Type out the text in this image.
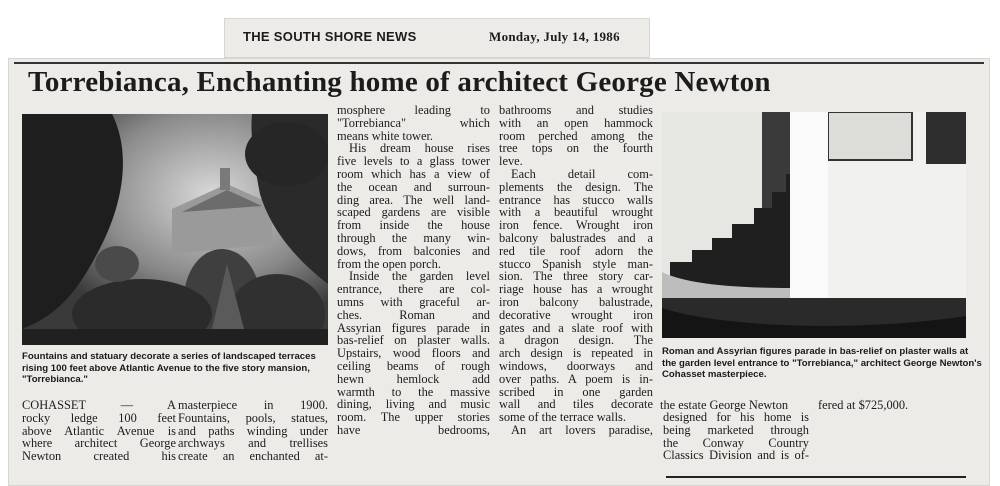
THE SOUTH SHORE NEWS	Monday, July 14, 1986
Torrebianca, Enchanting home of architect George Newton
Fountains and statuary decorate a series of landscaped terraces rising 100 feet above Atlantic Avenue to the five story mansion, "Torrebianca."
Roman and Assyrian figures parade in bas-relief on plaster walls at the garden level entrance to "Torrebianca," architect George Newton's Cohasset masterpiece.

COHASSET — A

rocky ledge 100 feet

above Atlantic Avenue is

where architect George

Newton created his

masterpiece in 1900.

Fountains, pools, statues,

and paths winding under

archways and trellises

create an enchanted at-

mosphere leading to

"Torrebianca" which

means white tower.

His dream house rises

five levels to a glass tower

room which has a view of

the ocean and surroun-

ding area. The well land-

scaped gardens are visible

from inside the house

through the many win-

dows, from balconies and

from the open porch.

Inside the garden level

entrance, there are col-

umns with graceful ar-

ches. Roman and

Assyrian figures parade in

bas-relief on plaster walls.

Upstairs, wood floors and

ceiling beams of rough

hewn hemlock add

warmth to the massive

dining, living and music

room. The upper stories

have bedrooms,

bathrooms and studies

with an open hammock

room perched among the

tree tops on the fourth

leve.

Each detail com-

plements the design. The

entrance has stucco walls

with a beautiful wrought

iron fence. Wrought iron

balcony balustrades and a

red tile roof adorn the

stucco Spanish style man-

sion. The three story car-

riage house has a wrought

iron balcony balustrade,

decorative wrought iron

gates and a slate roof with

a dragon design. The

arch design is repeated in

windows, doorways and

over paths. A poem is in-

scribed in one garden

wall and tiles decorate

some of the terrace walls.

An art lovers paradise,

the estate George Newton	fered at $725,000.

designed for his home is

being marketed through

the Conway Country

Classics Division and is of-
